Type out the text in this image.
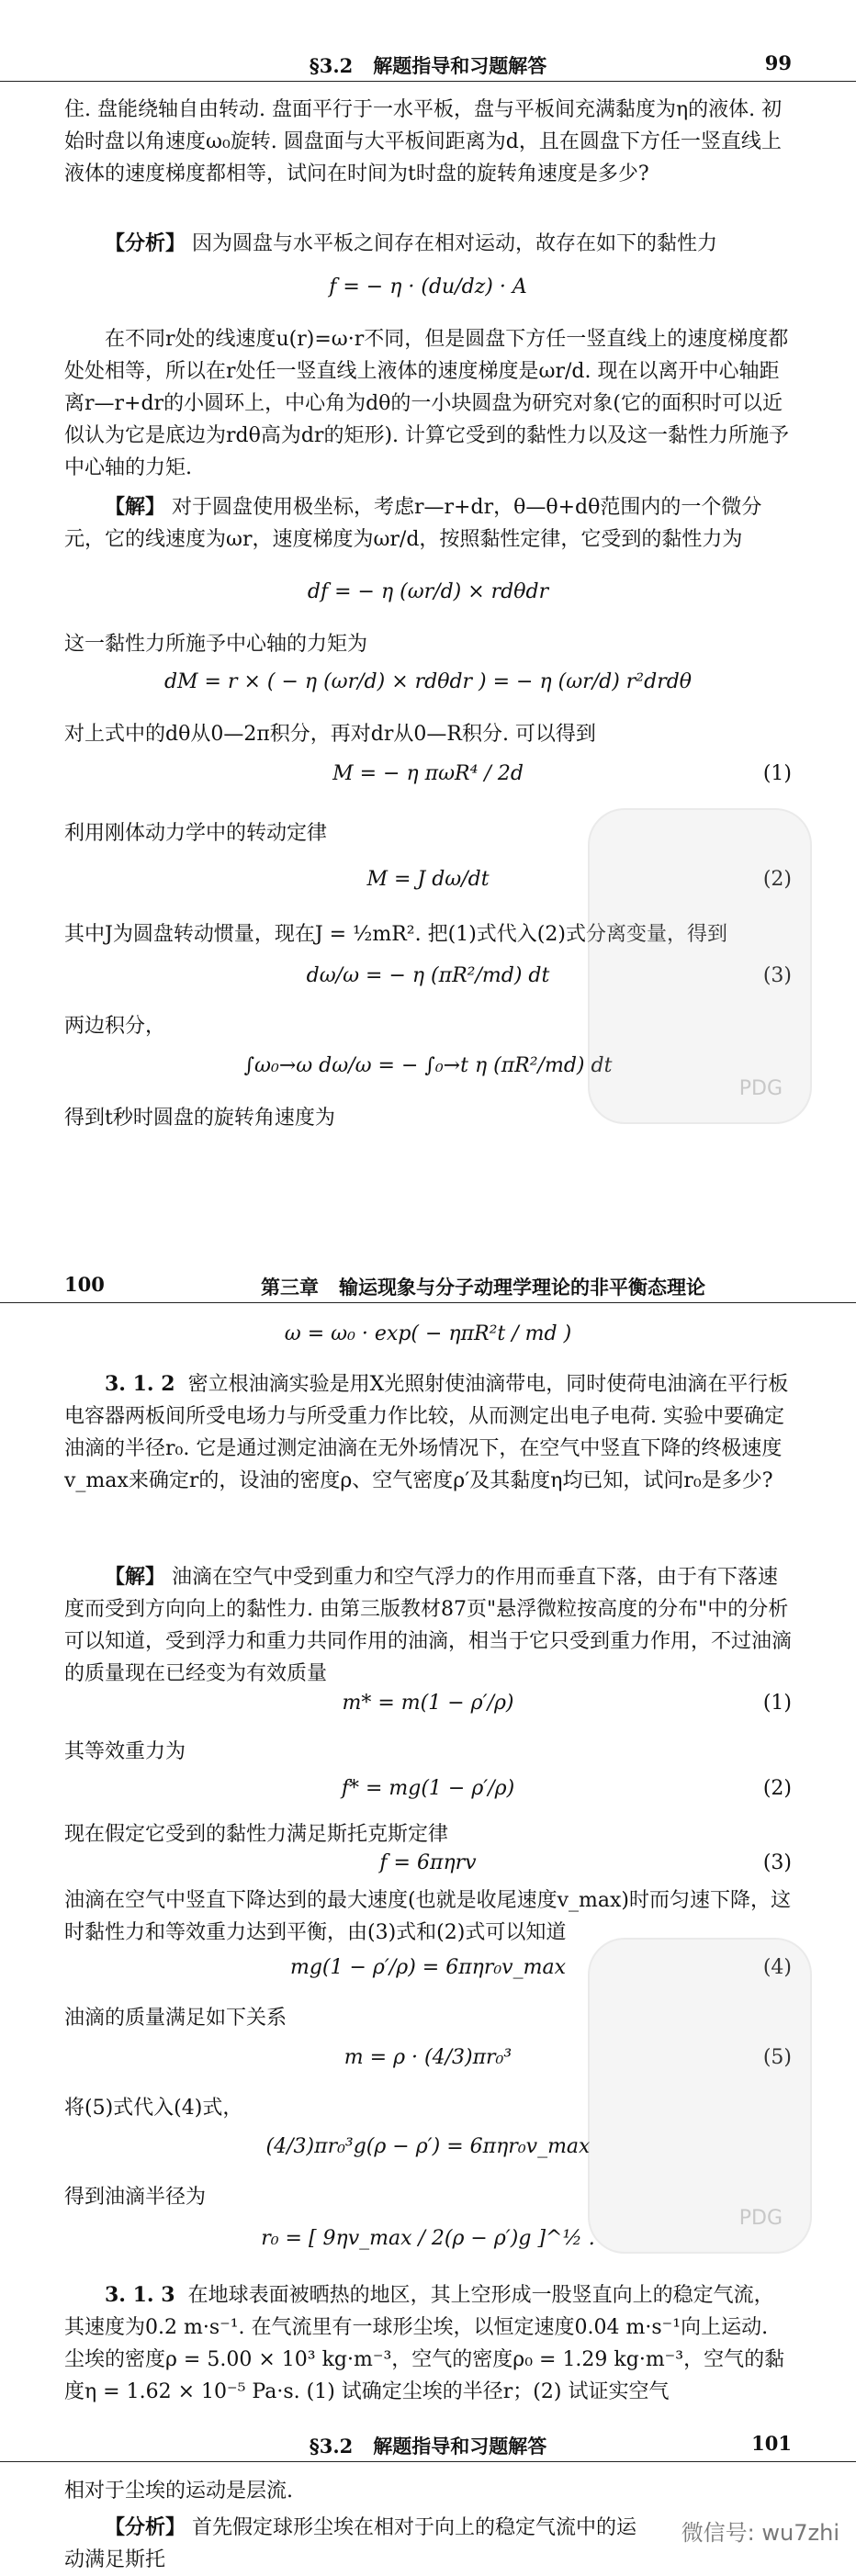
§3.2 解题指导和习题解答	99

住. 盘能绕轴自由转动. 盘面平行于一水平板，盘与平板间充满黏度为η的液体. 初始时盘以角速度ω₀旋转. 圆盘面与大平板间距离为d，且在圆盘下方任一竖直线上液体的速度梯度都相等，试问在时间为t时盘的旋转角速度是多少?

【分析】 因为圆盘与水平板之间存在相对运动，故存在如下的黏性力

f = − η · (du/dz) · A

在不同r处的线速度u(r)=ω·r不同，但是圆盘下方任一竖直线上的速度梯度都处处相等，所以在r处任一竖直线上液体的速度梯度是ωr/d. 现在以离开中心轴距离r—r+dr的小圆环上，中心角为dθ的一小块圆盘为研究对象(它的面积时可以近似认为它是底边为rdθ高为dr的矩形). 计算它受到的黏性力以及这一黏性力所施予中心轴的力矩.

【解】 对于圆盘使用极坐标，考虑r—r+dr，θ—θ+dθ范围内的一个微分元，它的线速度为ωr，速度梯度为ωr/d，按照黏性定律，它受到的黏性力为

df = − η (ωr/d) × rdθdr

这一黏性力所施予中心轴的力矩为

dM = r × ( − η (ωr/d) × rdθdr ) = − η (ωr/d) r²drdθ

对上式中的dθ从0—2π积分，再对dr从0—R积分. 可以得到

M = − η πωR⁴ / 2d	(1)

利用刚体动力学中的转动定律

M = J dω/dt	(2)

其中J为圆盘转动惯量，现在J = ½mR². 把(1)式代入(2)式分离变量，得到

dω/ω = − η (πR²/md) dt	(3)

两边积分，

∫ω₀→ω dω/ω = − ∫₀→t η (πR²/md) dt

得到t秒时圆盘的旋转角速度为

PDG
100	第三章 输运现象与分子动理学理论的非平衡态理论
ω = ω₀ · exp( − ηπR²t / md )

3. 1. 2 密立根油滴实验是用X光照射使油滴带电，同时使荷电油滴在平行板电容器两板间所受电场力与所受重力作比较，从而测定出电子电荷. 实验中要确定油滴的半径r₀. 它是通过测定油滴在无外场情况下，在空气中竖直下降的终极速度v_max来确定r的，设油的密度ρ、空气密度ρ′及其黏度η均已知，试问r₀是多少?

【解】 油滴在空气中受到重力和空气浮力的作用而垂直下落，由于有下落速度而受到方向向上的黏性力. 由第三版教材87页"悬浮微粒按高度的分布"中的分析可以知道，受到浮力和重力共同作用的油滴，相当于它只受到重力作用，不过油滴的质量现在已经变为有效质量

m* = m(1 − ρ′/ρ)	(1)

其等效重力为

f* = mg(1 − ρ′/ρ)	(2)

现在假定它受到的黏性力满足斯托克斯定律

f = 6πηrv	(3)

油滴在空气中竖直下降达到的最大速度(也就是收尾速度v_max)时而匀速下降，这时黏性力和等效重力达到平衡，由(3)式和(2)式可以知道

mg(1 − ρ′/ρ) = 6πηr₀v_max	(4)

油滴的质量满足如下关系

m = ρ · (4/3)πr₀³	(5)

将(5)式代入(4)式，

(4/3)πr₀³g(ρ − ρ′) = 6πηr₀v_max

得到油滴半径为

r₀ = [ 9ηv_max / 2(ρ − ρ′)g ]^½ .

3. 1. 3 在地球表面被晒热的地区，其上空形成一股竖直向上的稳定气流，其速度为0.2 m·s⁻¹. 在气流里有一球形尘埃，以恒定速度0.04 m·s⁻¹向上运动. 尘埃的密度ρ = 5.00 × 10³ kg·m⁻³，空气的密度ρ₀ = 1.29 kg·m⁻³，空气的黏度η = 1.62 × 10⁻⁵ Pa·s. (1) 试确定尘埃的半径r；(2) 试证实空气

PDG
§3.2 解题指导和习题解答	101

相对于尘埃的运动是层流.

【分析】 首先假定球形尘埃在相对于向上的稳定气流中的运动满足斯托

微信号: wu7zhi
